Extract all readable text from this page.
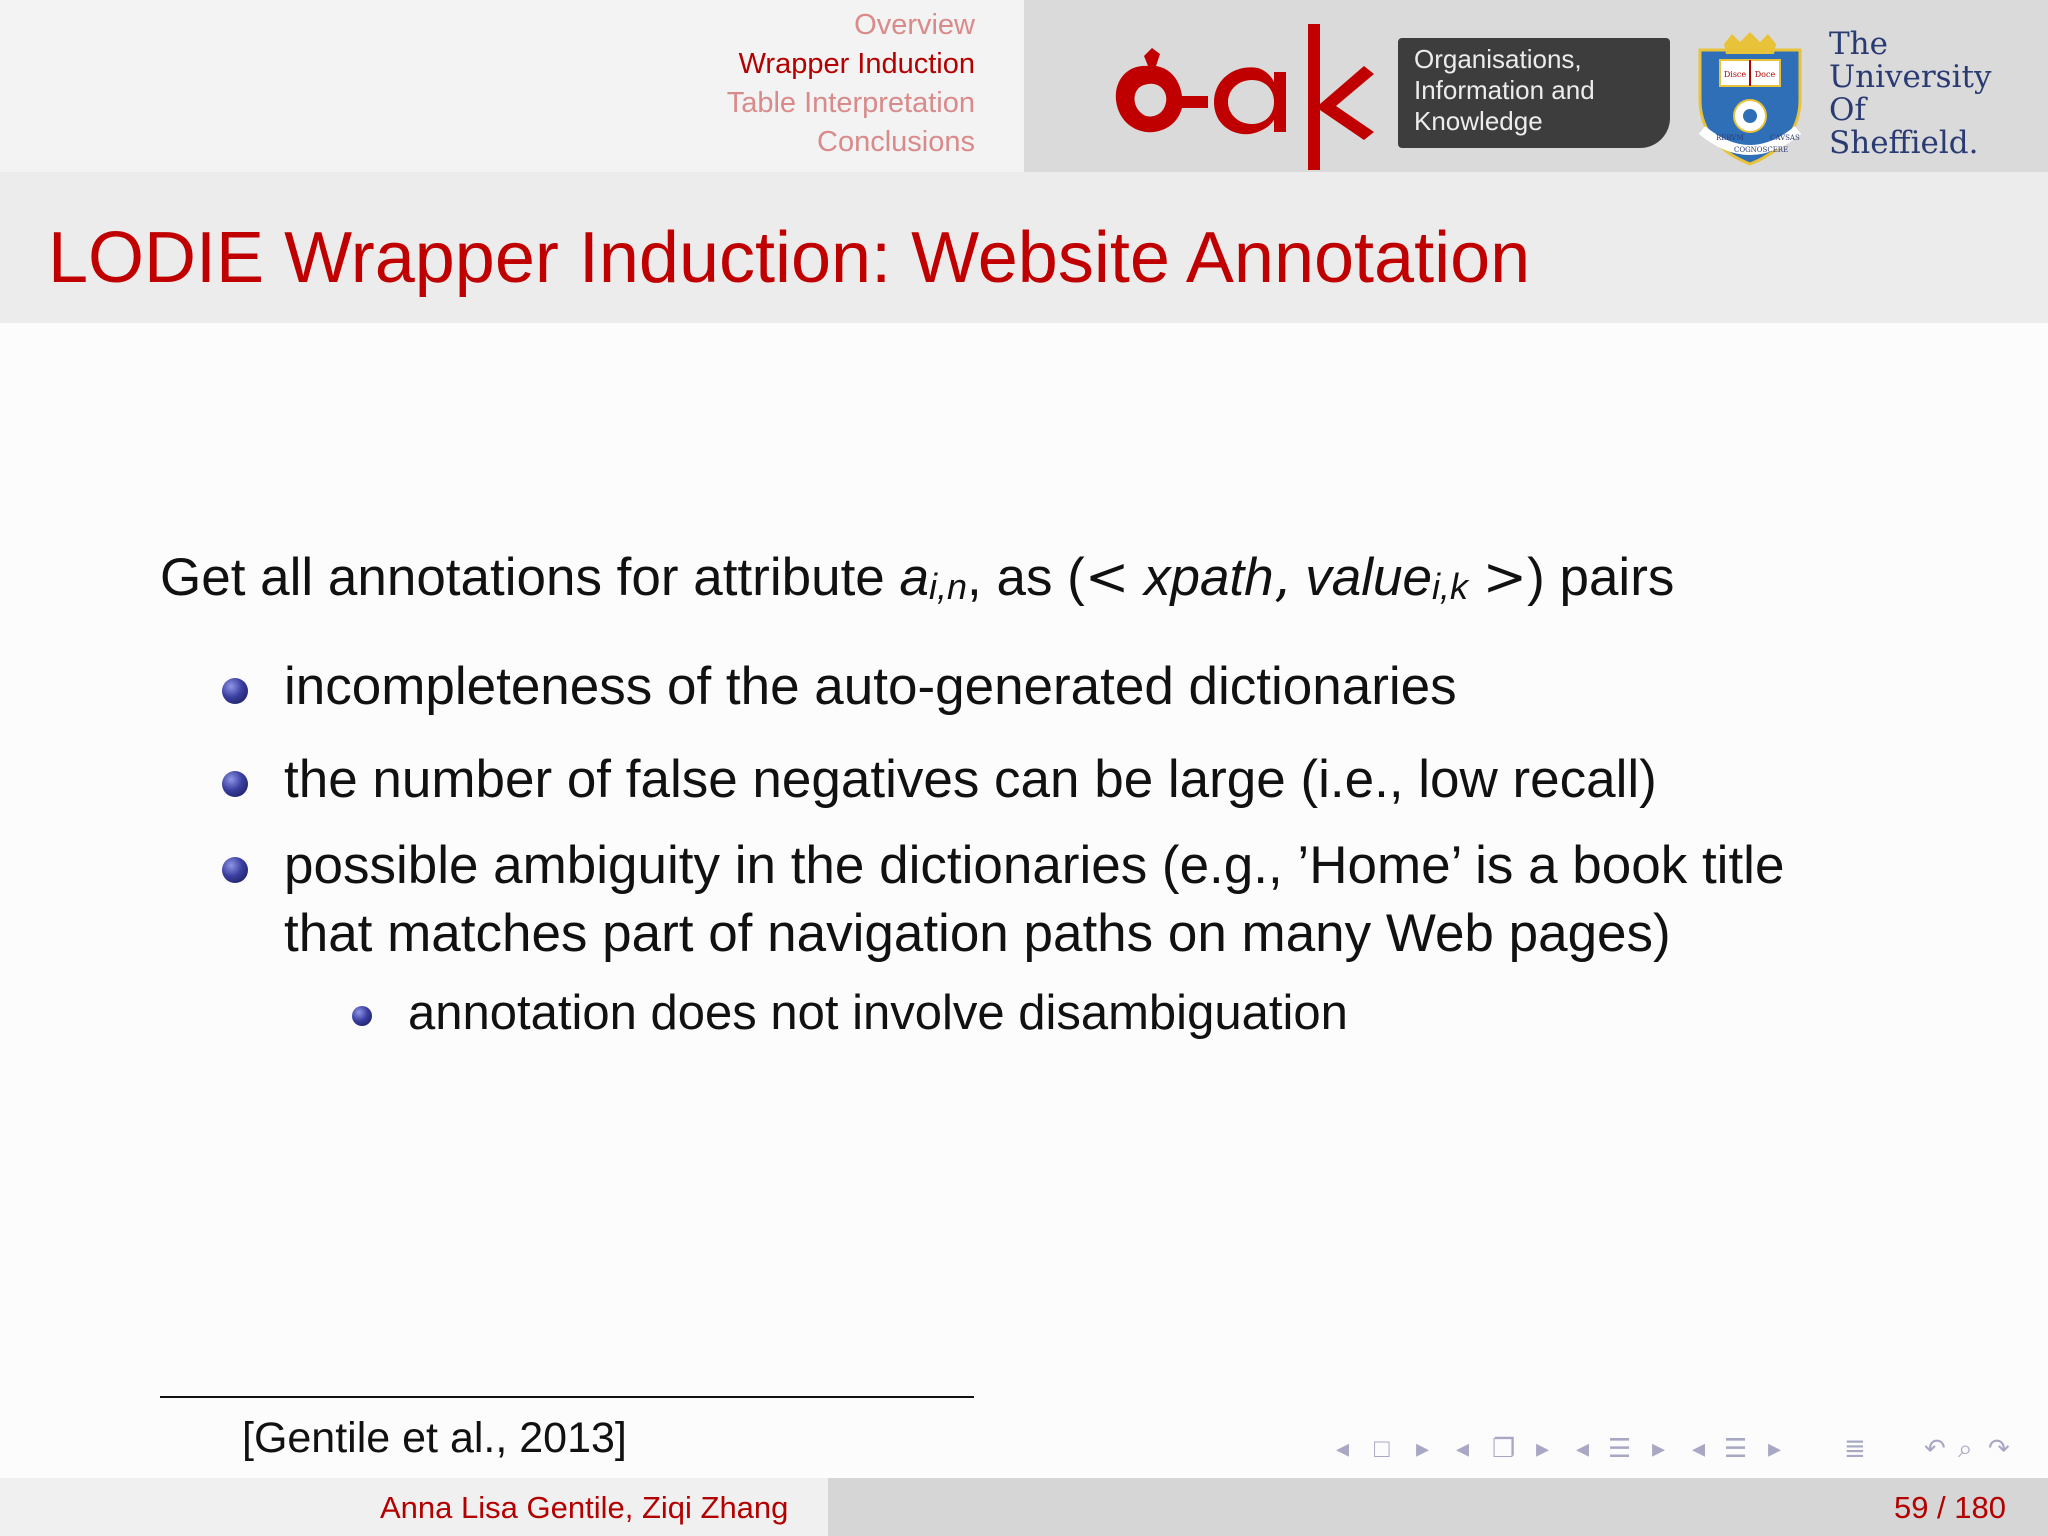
Overview
Wrapper Induction
Table Interpretation
Conclusions
Organisations,
Information and
Knowledge
Disce Doce
RERVM
COGNOSCERE
CAVSAS
The
University
Of
Sheffield.
LODIE Wrapper Induction: Website Annotation
Get all annotations for attribute $a_{i,n}$, as (< xpath, value$_{i,k}$ >) pairs
incompleteness of the auto-generated dictionaries
the number of false negatives can be large (i.e., low recall)
possible ambiguity in the dictionaries (e.g., ’Home’ is a book title
that matches part of navigation paths on many Web pages)
annotation does not involve disambiguation
[Gentile et al., 2013]	◂ □ ▸ ◂ ❐ ▸ ◂ ☰ ▸ ◂ ☰ ▸ ≣ ↶ ⌕ ↷
Anna Lisa Gentile, Ziqi Zhang	59 / 180
